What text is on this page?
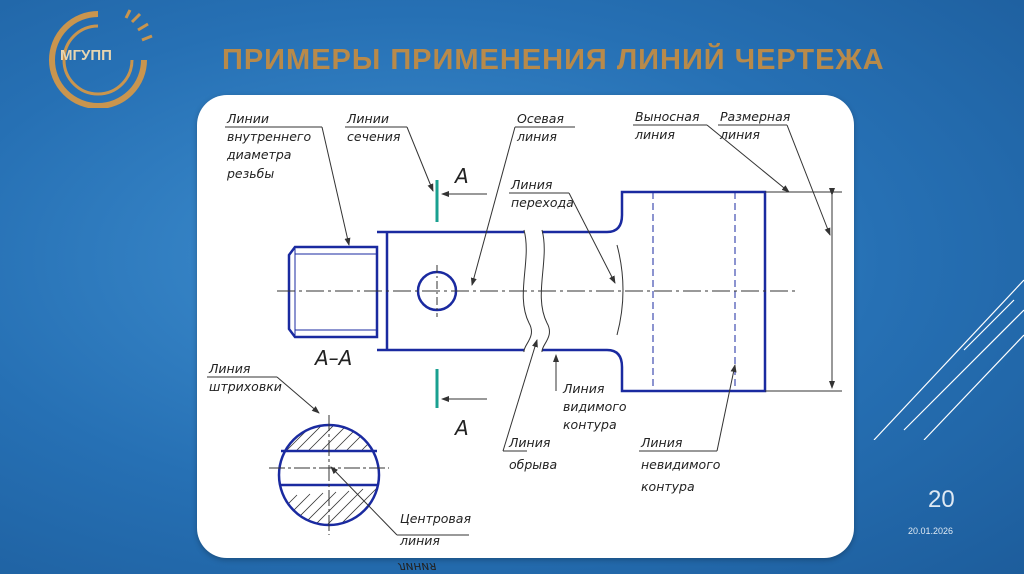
МГУПП	ПРИМЕРЫ ПРИМЕНЕНИЯ ЛИНИЙ ЧЕРТЕЖА
А
А
А–А
Линии
внутреннего
диаметра
резьбы
Линии
сечения
Осевая
линия
Выносная
линия
Размерная
линия
Линия
перехода
Линия
штриховки	Линия
видимого
контура
Линия
обрыва
Линия
невидимого
контура
Центровая
линия
линия
20
20.01.2026
